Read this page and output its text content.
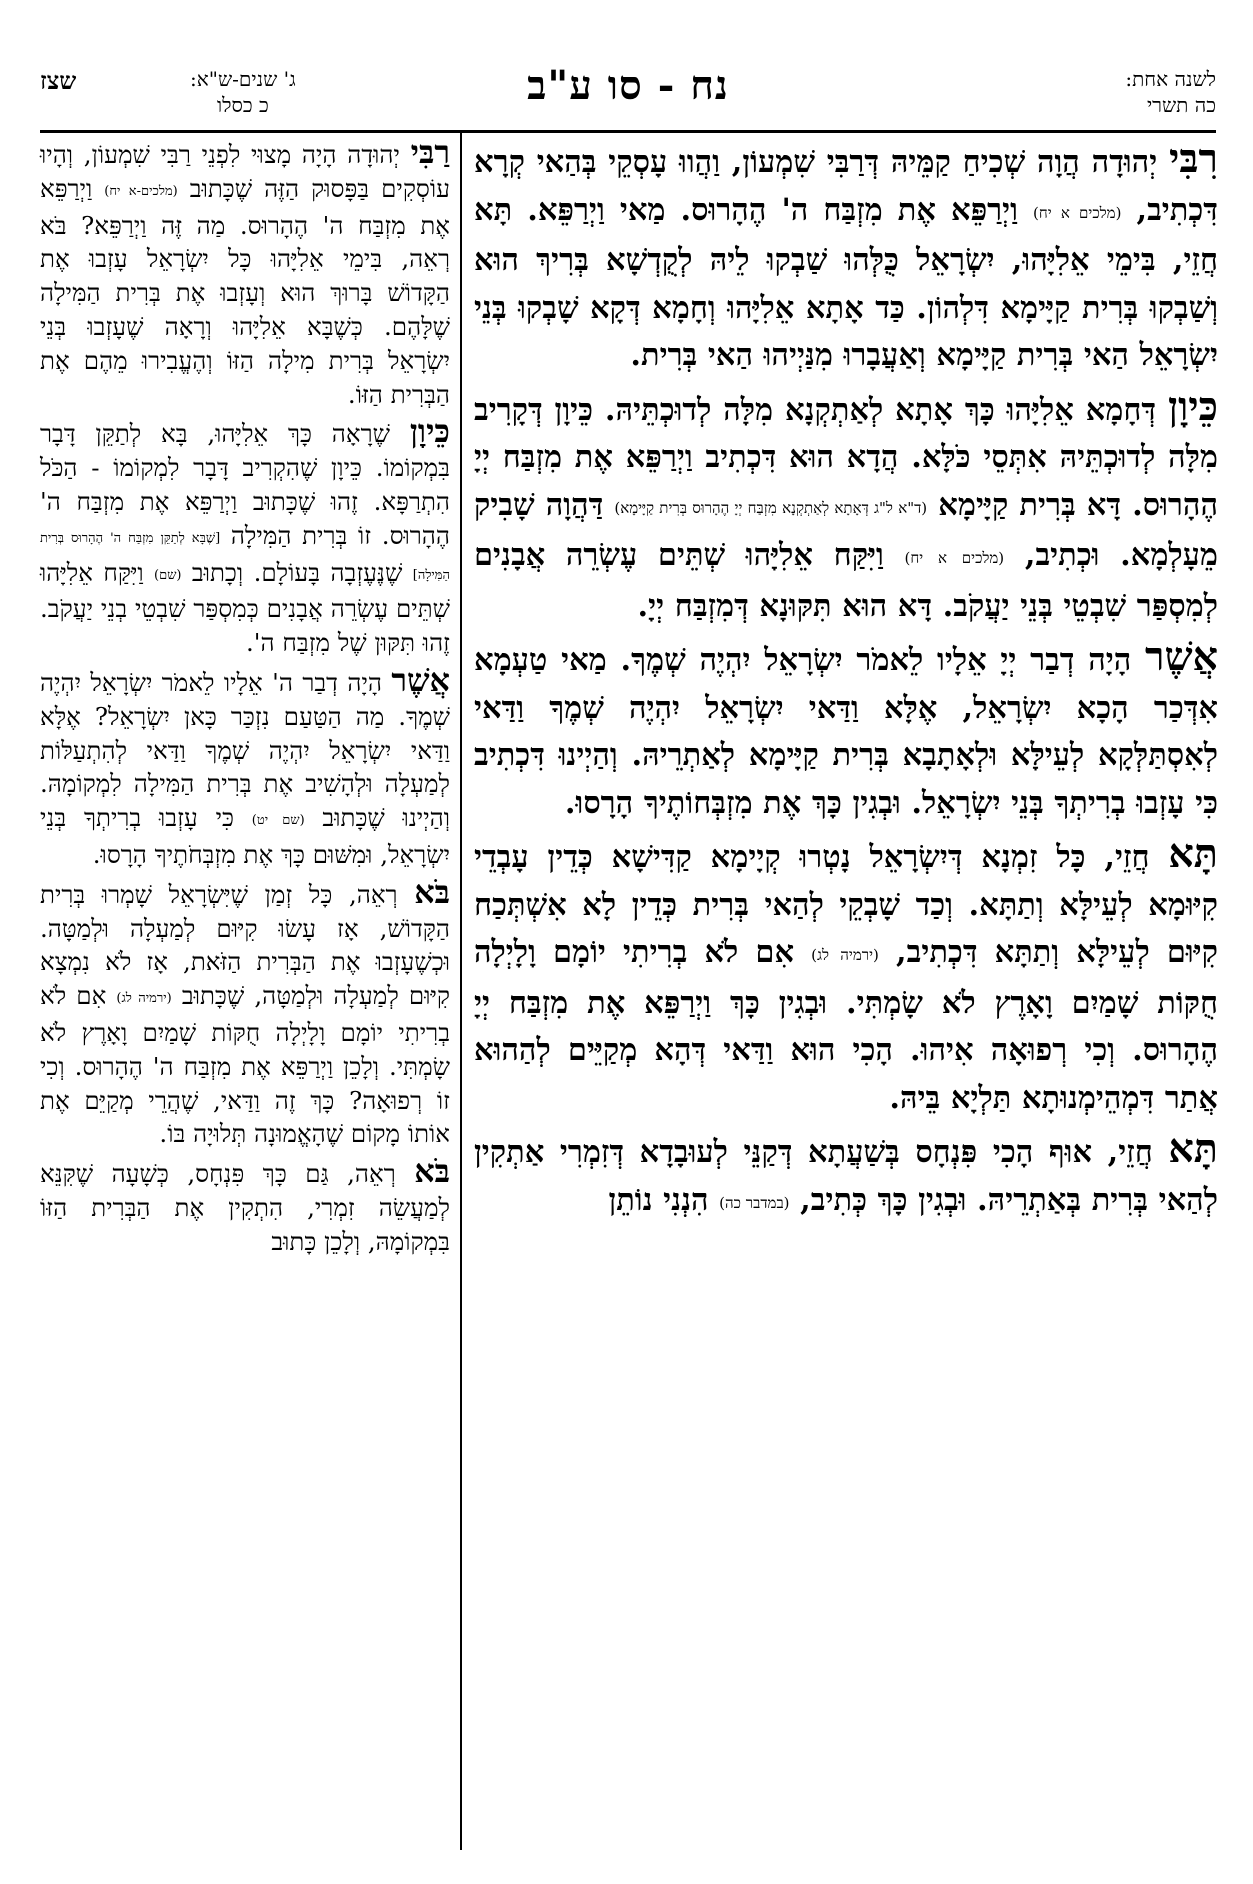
לשנה אחת:
כה תשרי
נח - סו ע"ב
ג' שנים-ש"א:
כ כסלו
שצז

רִבִּי יְהוּדָה הֲוָה שְׁכִיחַ קַמֵּיהּ דְּרַבִּי שִׁמְעוֹן, וַהֲווּ עָסְקֵי בְּהַאי קְרָא דִּכְתִיב, (מלכים א יח) וַיְרַפֵּא אֶת מִזְבַּח ה' הֶהָרוּס. מַאי וַיְרַפֵּא. תָּא חֲזֵי, בִּימֵי אֵלִיָּהוּ, יִשְׂרָאֵל כֻּלְּהוּ שַׁבְקוּ לֵיהּ לְקֻדְשָׁא בְּרִיךְ הוּא וְשַׁבְקוּ בְּרִית קַיָּימָא דִּלְהוֹן. כַּד אָתָא אֵלִיָּהוּ וְחָמָא דְּקָא שָׁבְקוּ בְּנֵי יִשְׂרָאֵל הַאי בְּרִית קַיָּימָא וְאַעֲבָרוּ מִנַּיְיהוּ הַאי בְּרִית.

כֵּיוָן דְּחָמָא אֵלִיָּהוּ כָּךְ אָתָא לְאַתְקְנָא מִלָּה לְדוּכְתֵּיהּ. כֵּיוָן דְּקָרִיב מִלָּה לְדוּכְתֵּיהּ אִתְּסֵי כֹּלָּא. הֲדָא הוּא דִּכְתִיב וַיְרַפֵּא אֶת מִזְבַּח יְיָ הֶהָרוּס. דָּא בְּרִית קַיָּימָא (ד"א ל"ג דְּאָתָא לְאַתְקְנָא מִזְבַּח יְיָ הֶהָרוּס בְּרִית קַיָּימָא) דַּהֲוָה שָׁבִיק מֵעָלְמָא. וּכְתִיב, (מלכים א יח) וַיִּקַּח אֵלִיָּהוּ שְׁתֵּים עֶשְׂרֵה אֲבָנִים לְמִסְפַּר שִׁבְטֵי בְּנֵי יַעֲקֹב. דָּא הוּא תִּקּוּנָא דְּמִזְבַּח יְיָ.

אֲשֶׁר הָיָה דְבַר יְיָ אֵלָיו לֵאמֹר יִשְׂרָאֵל יִהְיֶה שְׁמֶךָ. מַאי טַעְמָא אִדְּכַר הָכָא יִשְׂרָאֵל, אֶלָּא וַדַּאי יִשְׂרָאֵל יִהְיֶה שְׁמֶךָ וַדַּאי לְאִסְתַּלְּקָא לְעֵילָּא וּלְאָתָבָא בְּרִית קַיָּימָא לְאַתְרֵיהּ. וְהַיְינוּ דִּכְתִיב כִּי עָזְבוּ בְרִיתְךָ בְּנֵי יִשְׂרָאֵל. וּבְגִין כָּךְ אֶת מִזְבְּחוֹתֶיךָ הָרָסוּ.

תָּא חֲזֵי, כָּל זִמְנָא דְּיִשְׂרָאֵל נָטְרוּ קְיָימָא קַדִּישָׁא כְּדֵין עָבְדֵי קִיּוּמָא לְעֵילָּא וְתַתָּא. וְכַד שָׁבְקֵי לְהַאי בְּרִית כְּדֵין לָא אִשְׁתְּכַח קִיּוּם לְעֵילָּא וְתַתָּא דִּכְתִיב, (ירמיה לג) אִם לֹא בְרִיתִי יוֹמָם וָלָיְלָה חֻקּוֹת שָׁמַיִם וָאָרֶץ לֹא שָׂמְתִּי. וּבְגִין כָּךְ וַיְרַפֵּא אֶת מִזְבַּח יְיָ הֶהָרוּס. וְכִי רְפוּאָה אִיהוּ. הָכִי הוּא וַדַּאי דְּהָא מְקַיֵּים לְהַהוּא אֲתַר דִּמְהֵימְנוּתָא תַּלְיָא בֵּיהּ.

תָּא חֲזֵי, אוּף הָכִי פִּנְחָס בְּשַׁעֲתָא דְּקַנֵּי לְעוּבָדָא דְּזִמְרִי אַתְקִין לְהַאי בְּרִית בְּאַתְרֵיהּ. וּבְגִין כָּךְ כְּתִיב, (במדבר כה) הִנְנִי נוֹתֵן

רַבִּי יְהוּדָה הָיָה מָצוּי לִפְנֵי רַבִּי שִׁמְעוֹן, וְהָיוּ עוֹסְקִים בַּפָּסוּק הַזֶּה שֶׁכָּתוּב (מלכים-א יח) וַיְרַפֵּא אֶת מִזְבַּח ה' הֶהָרוּס. מַה זֶּה וַיְרַפֵּא? בֹּא רְאֵה, בִּימֵי אֵלִיָּהוּ כָּל יִשְׂרָאֵל עָזְבוּ אֶת הַקָּדוֹשׁ בָּרוּךְ הוּא וְעָזְבוּ אֶת בְּרִית הַמִּילָה שֶׁלָּהֶם. כְּשֶׁבָּא אֵלִיָּהוּ וְרָאָה שֶׁעָזְבוּ בְּנֵי יִשְׂרָאֵל בְּרִית מִילָה הַזּוֹ וְהֶעֱבִירוּ מֵהֶם אֶת הַבְּרִית הַזּוֹ.

כֵּיוָן שֶׁרָאָה כָּךְ אֵלִיָּהוּ, בָּא לְתַקֵּן דָּבָר בִּמְקוֹמוֹ. כֵּיוָן שֶׁהִקְרִיב דָּבָר לִמְקוֹמוֹ - הַכֹּל הִתְרַפָּא. זֶהוּ שֶׁכָּתוּב וַיְרַפֵּא אֶת מִזְבַּח ה' הֶהָרוּס. זוֹ בְּרִית הַמִּילָה [שֶׁבָּא לְתַקֵּן מִזְבַּח ה' הֶהָרוּס בְּרִית הַמִּילָה] שֶׁנֶּעֶזְבָה בָּעוֹלָם. וְכָתוּב (שם) וַיִּקַּח אֵלִיָּהוּ שְׁתֵּים עֶשְׂרֵה אֲבָנִים כְּמִסְפַּר שִׁבְטֵי בְנֵי יַעֲקֹב. זֶהוּ תִּקּוּן שֶׁל מִזְבַּח ה'.

אֲשֶׁר הָיָה דְבַר ה' אֵלָיו לֵאמֹר יִשְׂרָאֵל יִהְיֶה שְׁמֶךָ. מַה הַטַּעַם נִזְכַּר כָּאן יִשְׂרָאֵל? אֶלָּא וַדַּאי יִשְׂרָאֵל יִהְיֶה שְׁמֶךָ וַדַּאי לְהִתְעַלּוֹת לְמַעְלָה וּלְהָשִׁיב אֶת בְּרִית הַמִּילָה לִמְקוֹמָהּ. וְהַיְינוּ שֶׁכָּתוּב (שם יט) כִּי עָזְבוּ בְרִיתְךָ בְּנֵי יִשְׂרָאֵל, וּמִשּׁוּם כָּךְ אֶת מִזְבְּחֹתֶיךָ הָרָסוּ.

בֹּא רְאֵה, כָּל זְמַן שֶׁיִּשְׂרָאֵל שָׁמְרוּ בְּרִית הַקָּדוֹשׁ, אָז עָשׂוּ קִיּוּם לְמַעְלָה וּלְמַטָּה. וּכְשֶׁעָזְבוּ אֶת הַבְּרִית הַזֹּאת, אָז לֹא נִמְצָא קִיּוּם לְמַעְלָה וּלְמַטָּה, שֶׁכָּתוּב (ירמיה לג) אִם לֹא בְרִיתִי יוֹמָם וָלָיְלָה חֻקּוֹת שָׁמַיִם וָאָרֶץ לֹא שָׂמְתִּי. וְלָכֵן וַיְרַפֵּא אֶת מִזְבַּח ה' הֶהָרוּס. וְכִי זוֹ רְפוּאָה? כָּךְ זֶה וַדַּאי, שֶׁהֲרֵי מְקַיֵּם אֶת אוֹתוֹ מָקוֹם שֶׁהָאֱמוּנָה תְּלוּיָה בּוֹ.

בֹּא רְאֵה, גַּם כָּךְ פִּנְחָס, כְּשָׁעָה שֶׁקִּנֵּא לְמַעֲשֵׂה זִמְרִי, הִתְקִין אֶת הַבְּרִית הַזּוֹ בִּמְקוֹמָהּ, וְלָכֵן כָּתוּב
